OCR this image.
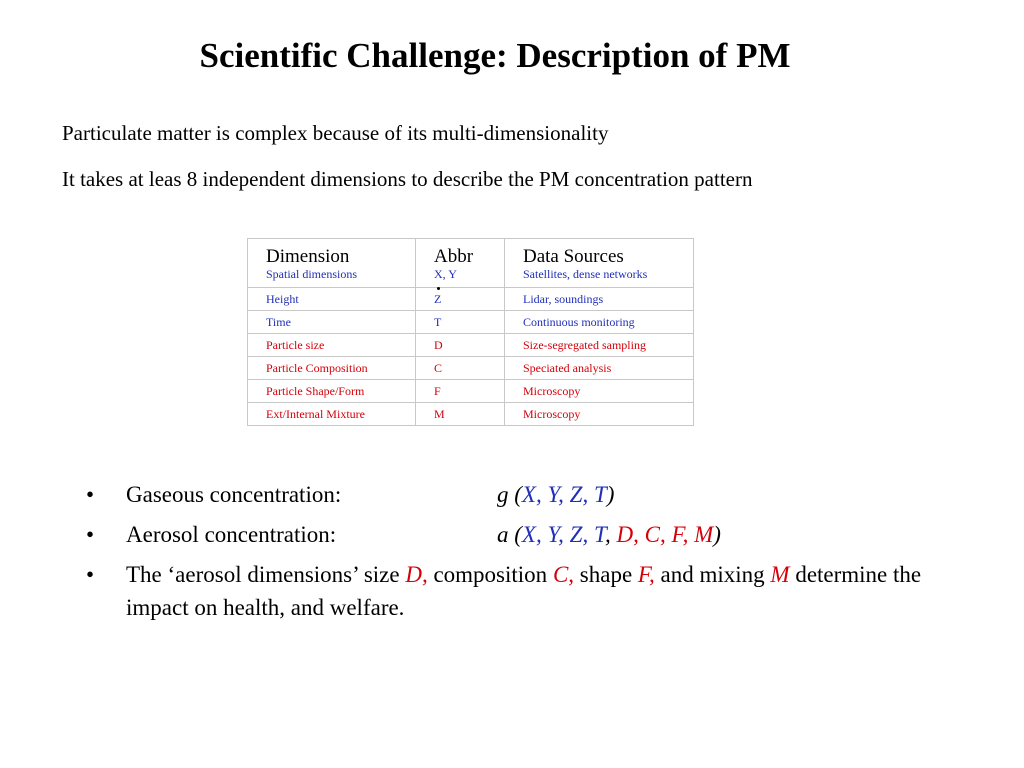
Scientific Challenge: Description of PM
Particulate matter is complex because of its multi-dimensionality
It takes at leas 8 independent dimensions to describe the PM concentration pattern
Dimension	Abbr	Data Sources
Spatial dimensions	X, Y	Satellites, dense networks
Height	Z	Lidar, soundings
Time	T	Continuous monitoring
Particle size	D	Size-segregated sampling
Particle Composition	C	Speciated analysis
Particle Shape/Form	F	Microscopy
Ext/Internal Mixture	M	Microscopy
• Gaseous concentration:	g (X, Y, Z, T)
• Aerosol concentration:	a (X, Y, Z, T, D, C, F, M)
• The ‘aerosol dimensions’ size D, composition C, shape F, and mixing M determine the impact on health, and welfare.
